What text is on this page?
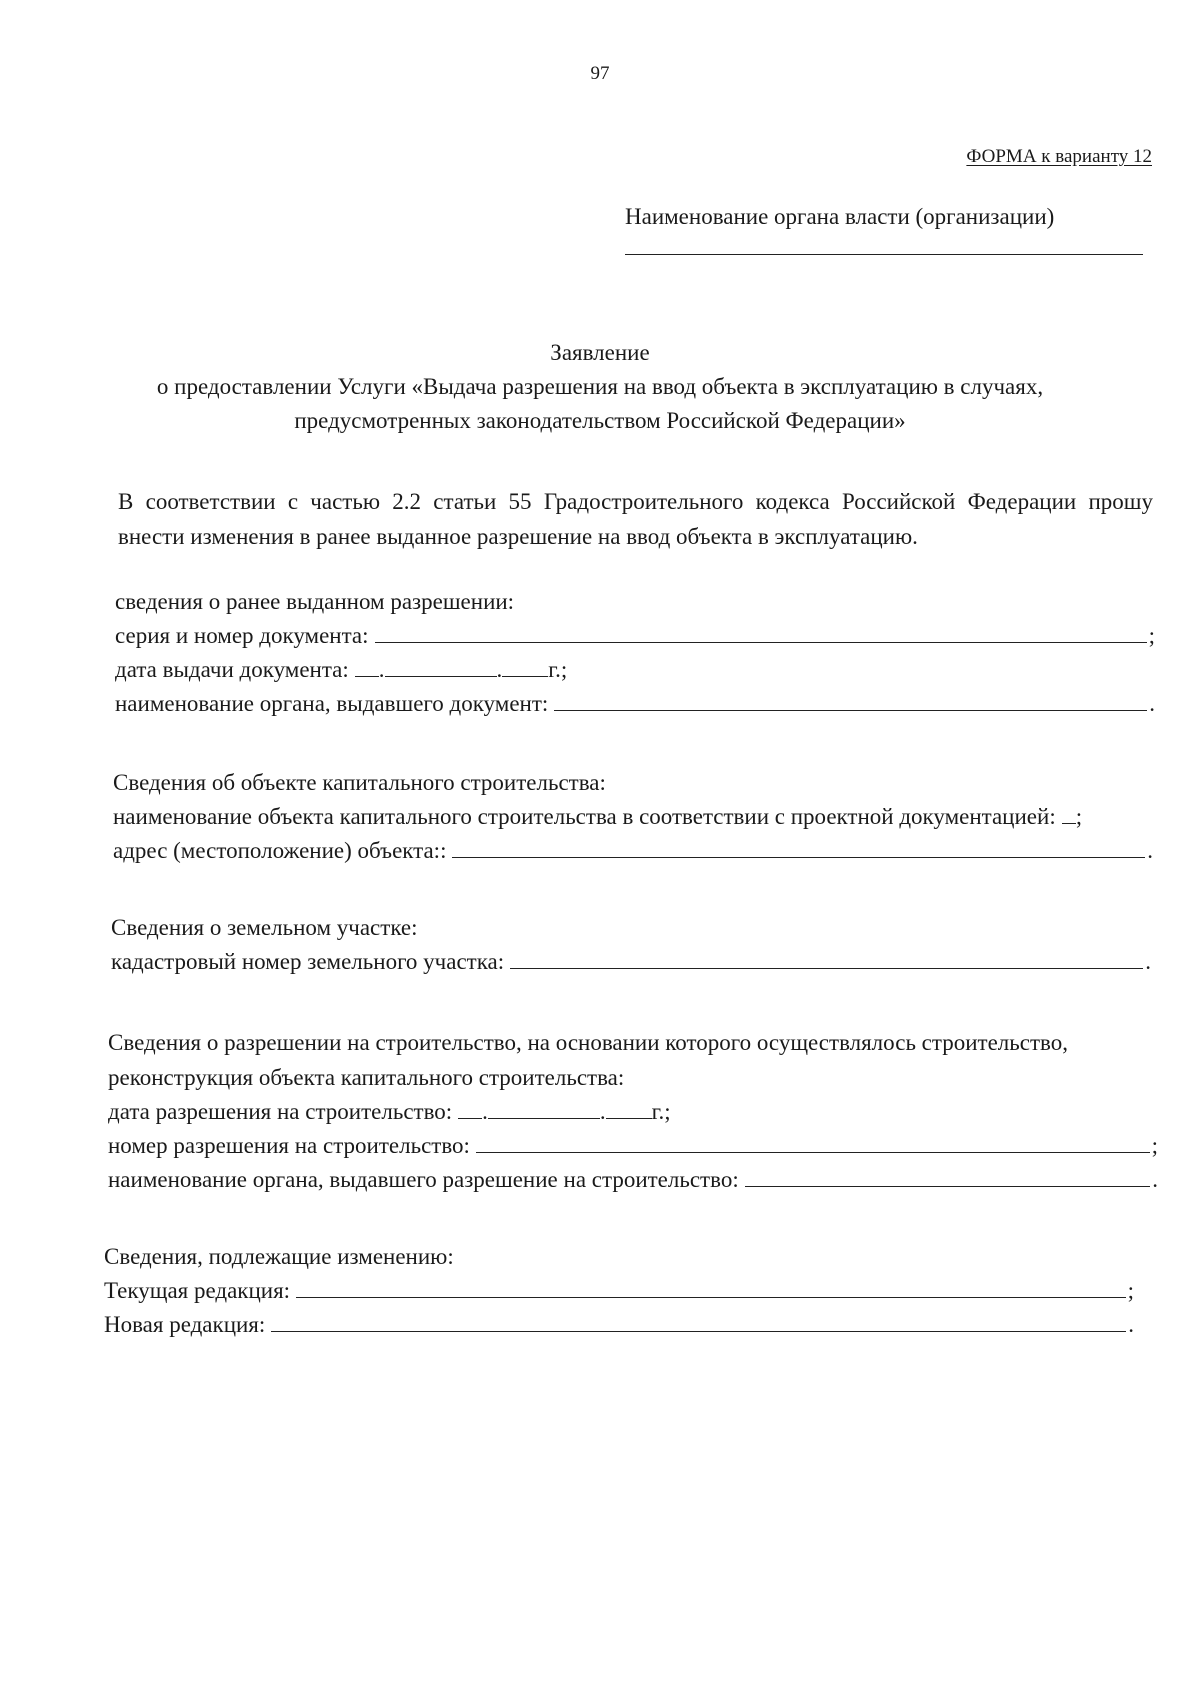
97
ФОРМА к варианту 12
Наименование органа власти (организации)
Заявление
о предоставлении Услуги «Выдача разрешения на ввод объекта в эксплуатацию в случаях,
предусмотренных законодательством Российской Федерации»
В соответствии с частью 2.2 статьи 55 Градостроительного кодекса Российской Федерации прошу внести изменения в ранее выданное разрешение на ввод объекта в эксплуатацию.
сведения о ранее выданном разрешении:
серия и номер документа:	;
дата выдачи документа: .	. г.;
наименование органа, выдавшего документ:	.
Сведения об объекте капитального строительства:
наименование объекта капитального строительства в соответствии с проектной документацией: ;
адрес (местоположение) объекта::	.
Сведения о земельном участке:
кадастровый номер земельного участка:	.
Сведения о разрешении на строительство, на основании которого осуществлялось строительство, реконструкция объекта капитального строительства:
дата разрешения на строительство: .	. г.;
номер разрешения на строительство:	;
наименование органа, выдавшего разрешение на строительство:	.
Сведения, подлежащие изменению:
Текущая редакция:	;
Новая редакция:	.
